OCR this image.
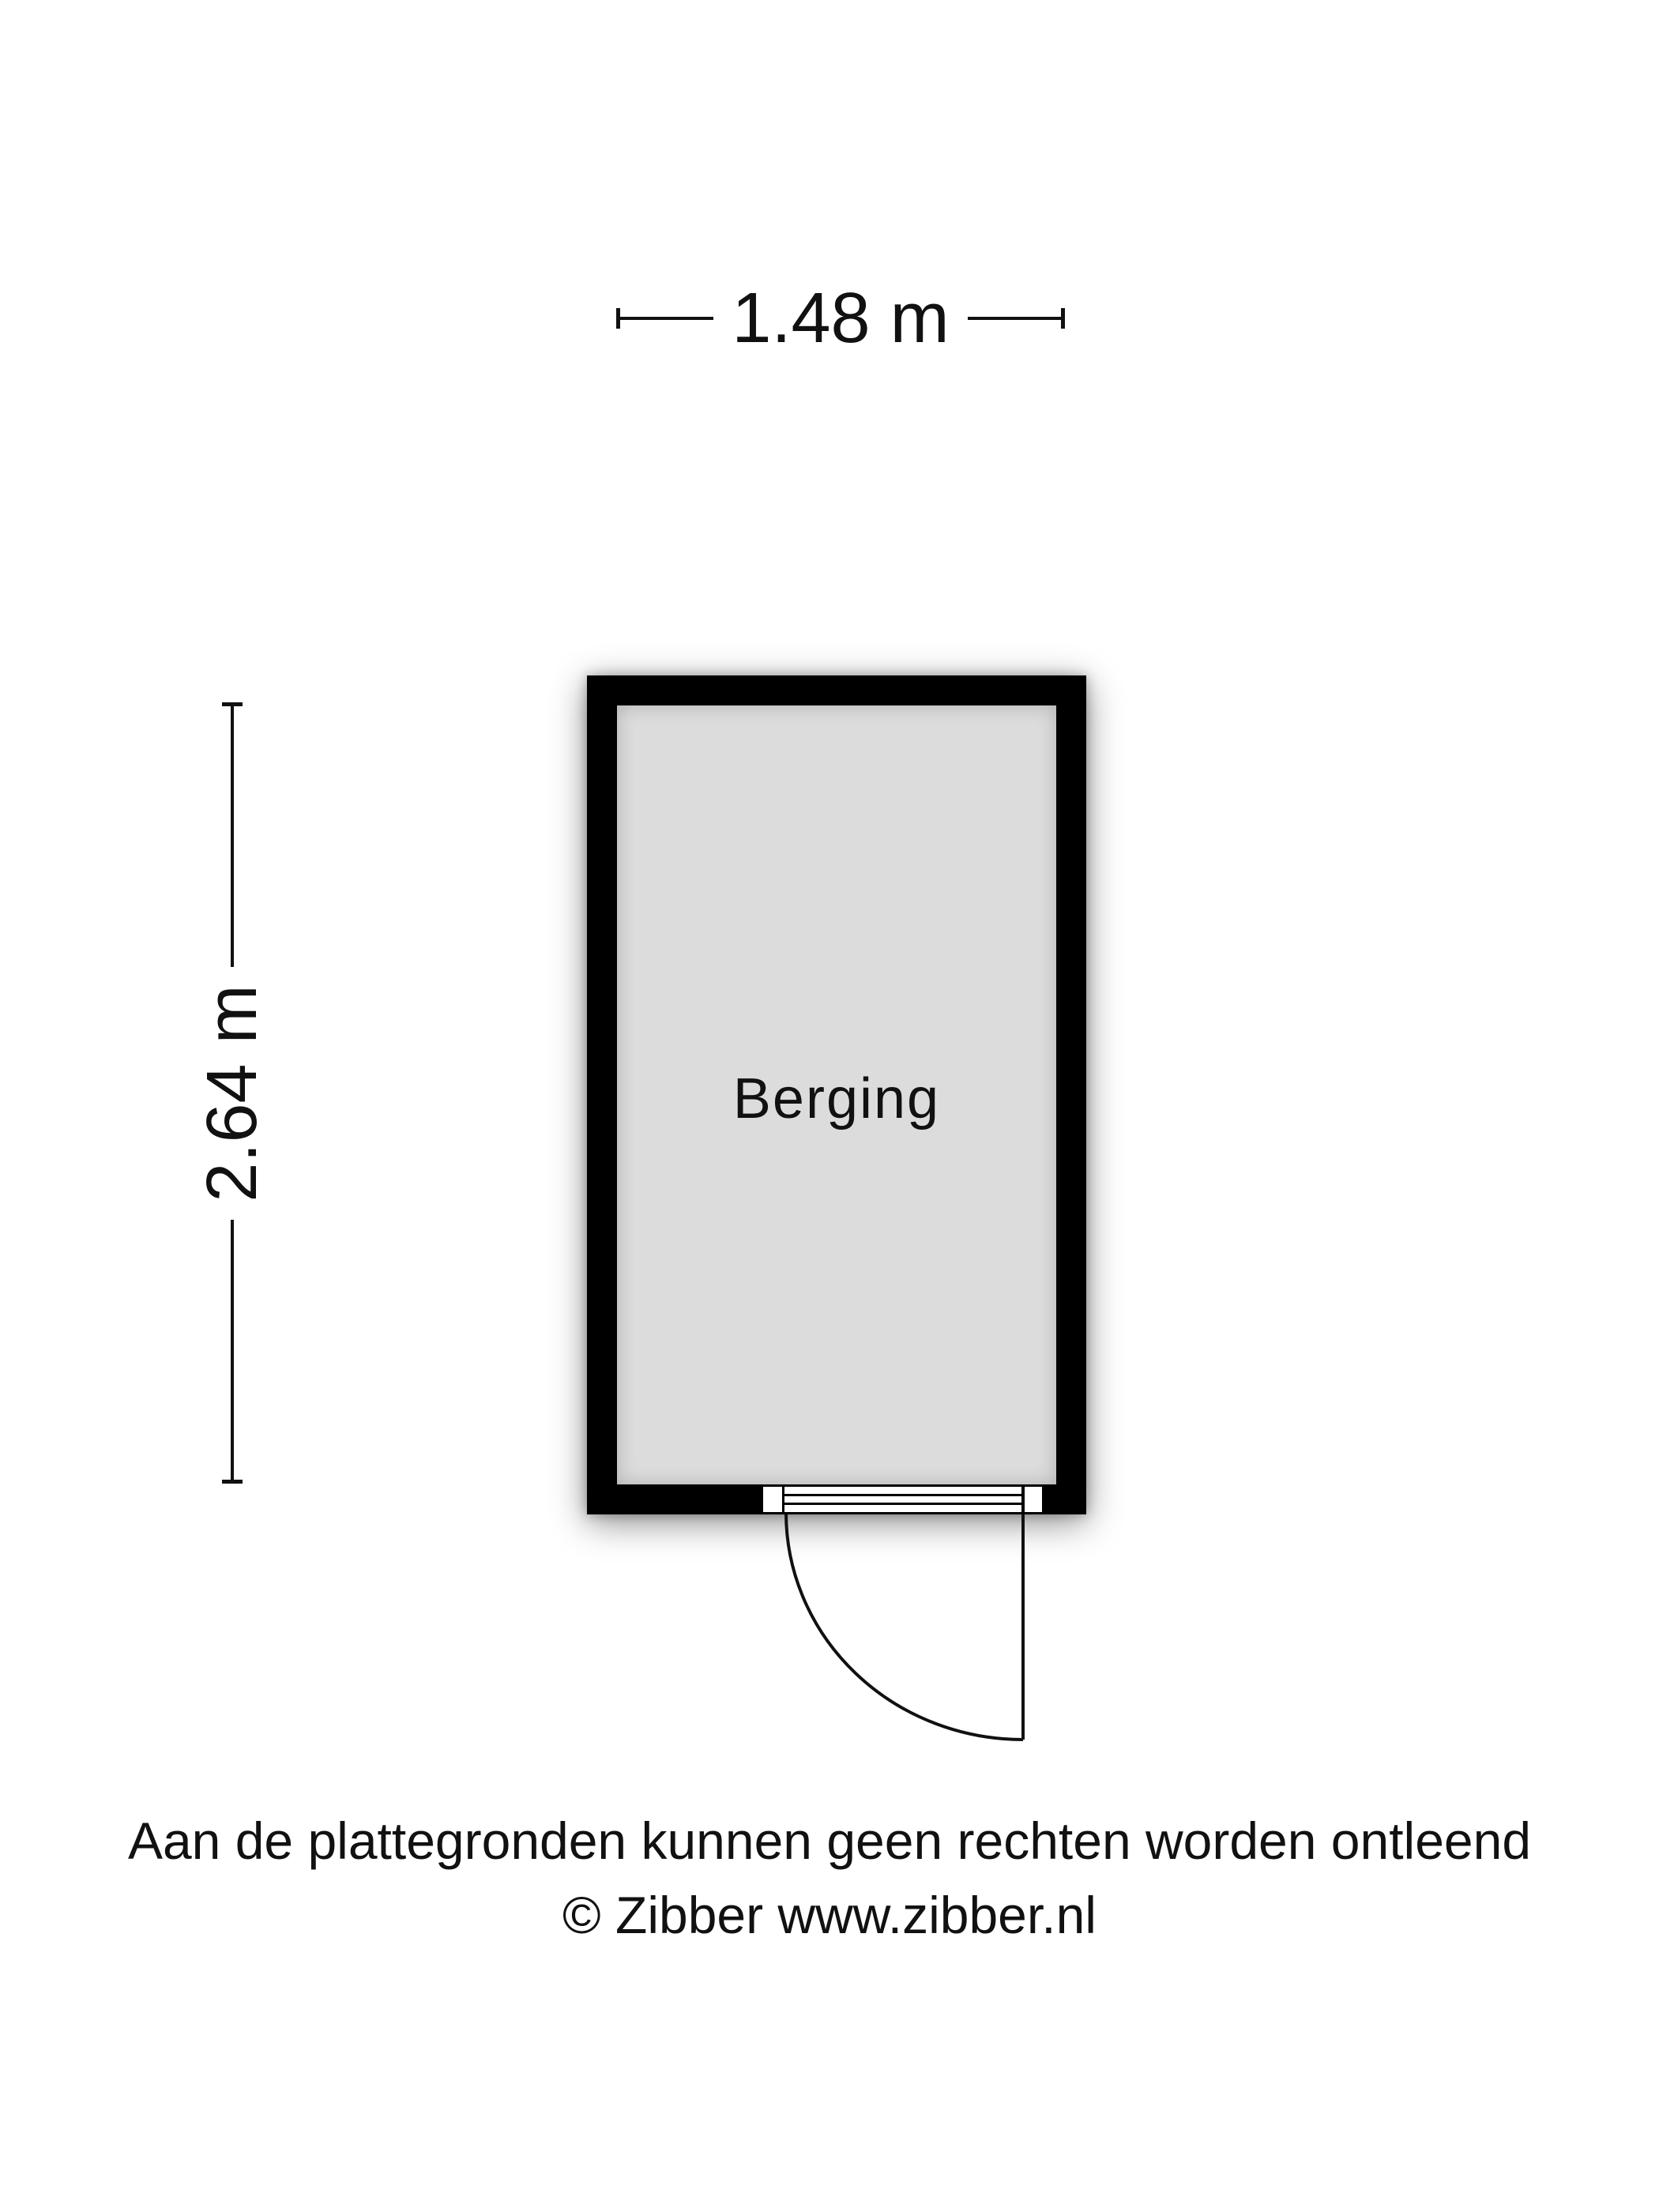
1.48 m
2.64 m	Berging
Aan de plattegronden kunnen geen rechten worden ontleend
© Zibber www.zibber.nl
